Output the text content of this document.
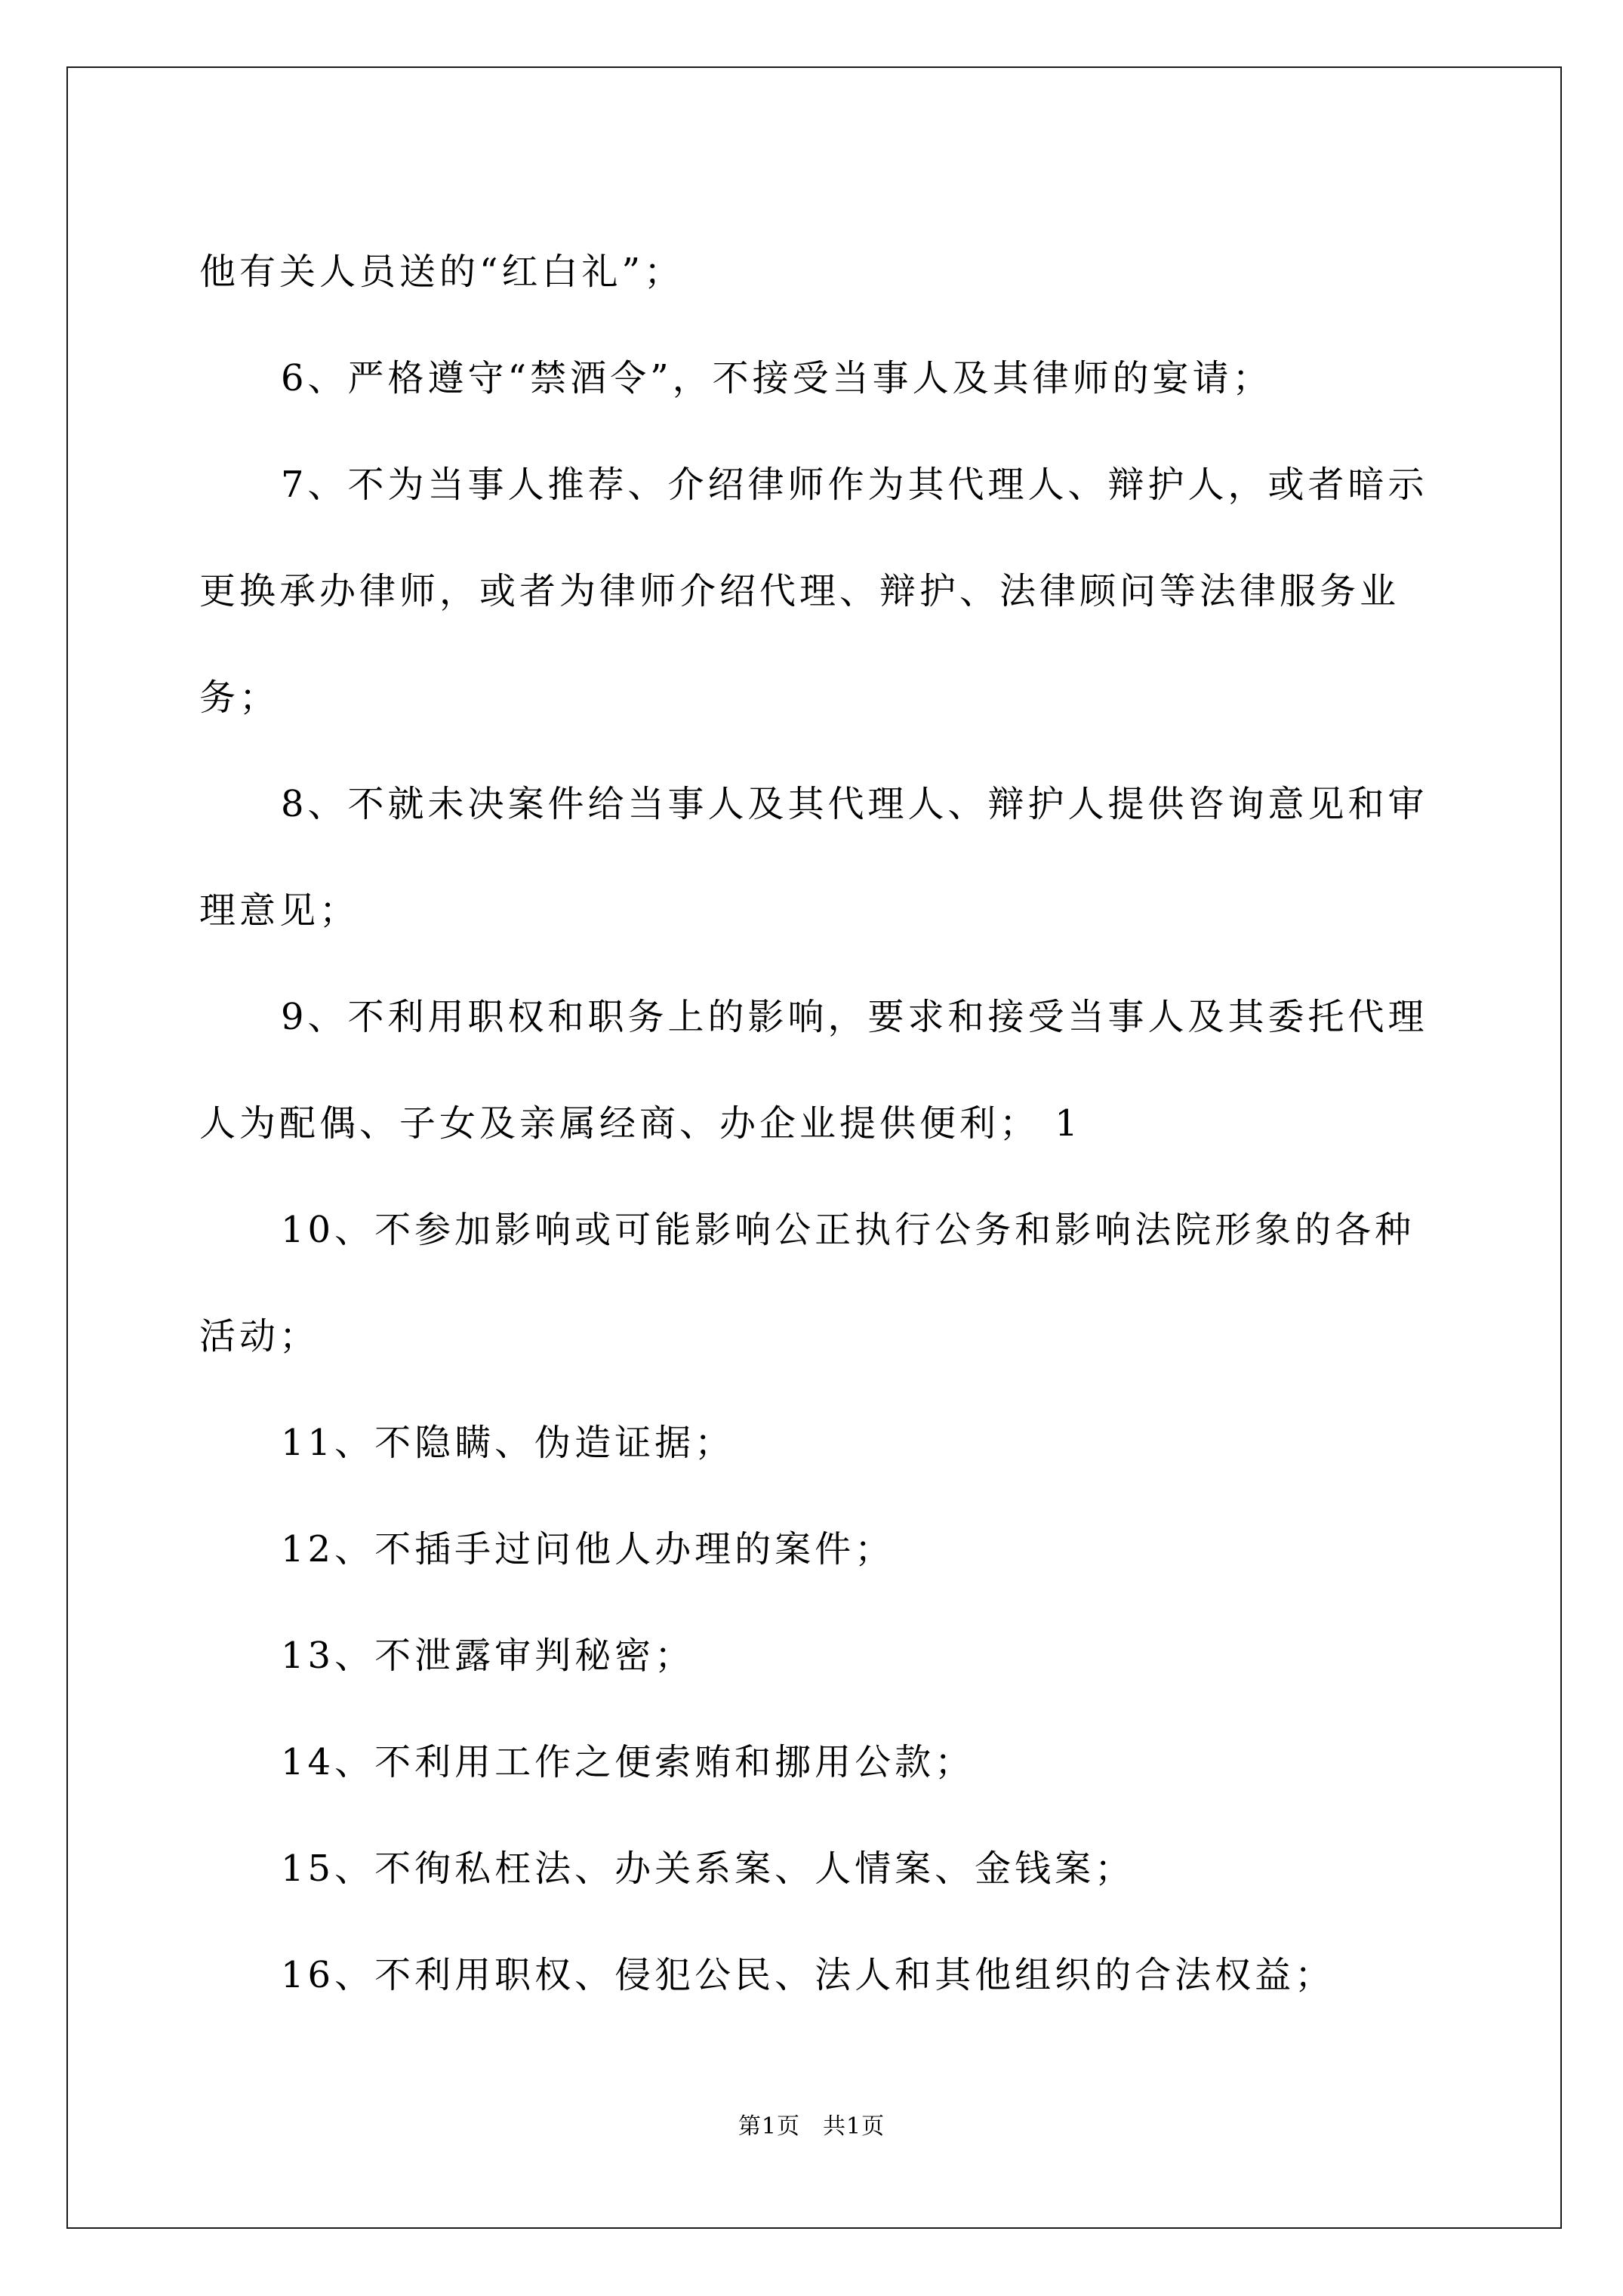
他有关人员送的“红白礼”；

6、严格遵守“禁酒令”，不接受当事人及其律师的宴请；

7、不为当事人推荐、介绍律师作为其代理人、辩护人，或者暗示

更换承办律师，或者为律师介绍代理、辩护、法律顾问等法律服务业

务；

8、不就未决案件给当事人及其代理人、辩护人提供咨询意见和审

理意见；

9、不利用职权和职务上的影响，要求和接受当事人及其委托代理

人为配偶、子女及亲属经商、办企业提供便利； 1

10、不参加影响或可能影响公正执行公务和影响法院形象的各种

活动；

11、不隐瞒、伪造证据；

12、不插手过问他人办理的案件；

13、不泄露审判秘密；

14、不利用工作之便索贿和挪用公款；

15、不徇私枉法、办关系案、人情案、金钱案；

16、不利用职权、侵犯公民、法人和其他组织的合法权益；

第1页 共1页
